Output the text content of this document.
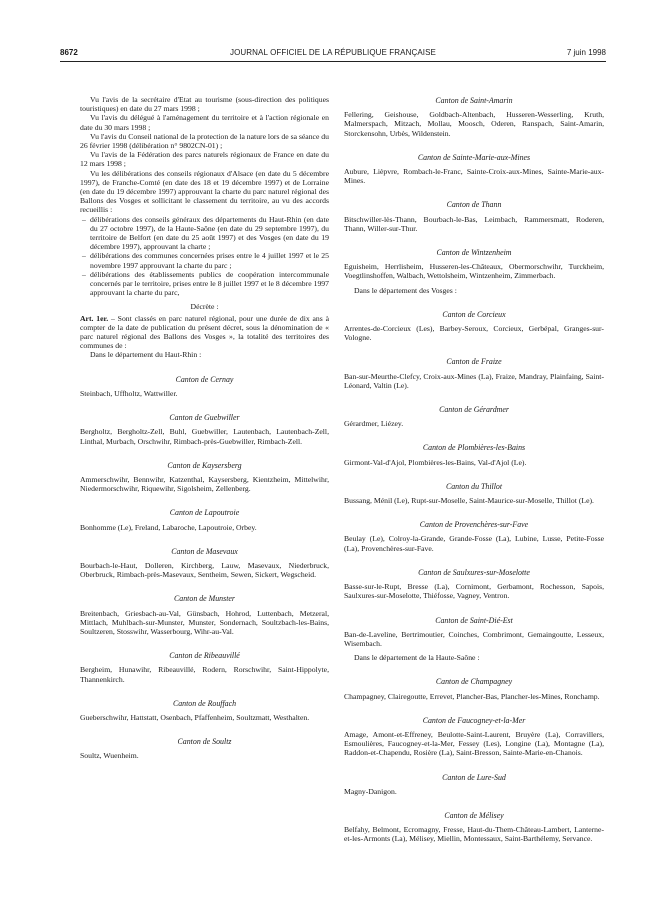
8672	JOURNAL OFFICIEL DE LA RÉPUBLIQUE FRANÇAISE	7 juin 1998

Vu l'avis de la secrétaire d'Etat au tourisme (sous-direction des politiques touristiques) en date du 27 mars 1998 ;

Vu l'avis du délégué à l'aménagement du territoire et à l'action régionale en date du 30 mars 1998 ;

Vu l'avis du Conseil national de la protection de la nature lors de sa séance du 26 février 1998 (délibération n° 9802CN-01) ;

Vu l'avis de la Fédération des parcs naturels régionaux de France en date du 12 mars 1998 ;

Vu les délibérations des conseils régionaux d'Alsace (en date du 5 décembre 1997), de Franche-Comté (en date des 18 et 19 décembre 1997) et de Lorraine (en date du 19 décembre 1997) approuvant la charte du parc naturel régional des Ballons des Vosges et sollicitant le classement du territoire, au vu des accords recueillis :

– délibérations des conseils généraux des départements du Haut-Rhin (en date du 27 octobre 1997), de la Haute-Saône (en date du 29 septembre 1997), du territoire de Belfort (en date du 25 août 1997) et des Vosges (en date du 19 décembre 1997), approuvant la charte ;
– délibérations des communes concernées prises entre le 4 juillet 1997 et le 25 novembre 1997 approuvant la charte du parc ;
– délibérations des établissements publics de coopération intercommunale concernés par le territoire, prises entre le 8 juillet 1997 et le 8 décembre 1997 approuvant la charte du parc,

Décrète :

Art. 1er. – Sont classés en parc naturel régional, pour une durée de dix ans à compter de la date de publication du présent décret, sous la dénomination de « parc naturel régional des Ballons des Vosges », la totalité des territoires des communes de :

Dans le département du Haut-Rhin :

Canton de Cernay

Steinbach, Uffholtz, Wattwiller.

Canton de Guebwiller

Bergholtz, Bergholtz-Zell, Buhl, Guebwiller, Lautenbach, Lautenbach-Zell, Linthal, Murbach, Orschwihr, Rimbach-près-Guebwiller, Rimbach-Zell.

Canton de Kaysersberg

Ammerschwihr, Bennwihr, Katzenthal, Kaysersberg, Kientzheim, Mittelwihr, Niedermorschwihr, Riquewihr, Sigolsheim, Zellenberg.

Canton de Lapoutroie

Bonhomme (Le), Freland, Labaroche, Lapoutroie, Orbey.

Canton de Masevaux

Bourbach-le-Haut, Dolleren, Kirchberg, Lauw, Masevaux, Niederbruck, Oberbruck, Rimbach-près-Masevaux, Sentheim, Sewen, Sickert, Wegscheid.

Canton de Munster

Breitenbach, Griesbach-au-Val, Günsbach, Hohrod, Luttenbach, Metzeral, Mittlach, Muhlbach-sur-Munster, Munster, Sondernach, Soultzbach-les-Bains, Soultzeren, Stosswihr, Wasserbourg, Wihr-au-Val.

Canton de Ribeauvillé

Bergheim, Hunawihr, Ribeauvillé, Rodern, Rorschwihr, Saint-Hippolyte, Thannenkirch.

Canton de Rouffach

Gueberschwihr, Hattstatt, Osenbach, Pfaffenheim, Soultzmatt, Westhalten.

Canton de Soultz

Soultz, Wuenheim.

Canton de Saint-Amarin

Fellering, Geishouse, Goldbach-Altenbach, Husseren-Wesserling, Kruth, Malmerspach, Mitzach, Mollau, Moosch, Oderen, Ranspach, Saint-Amarin, Storckensohn, Urbès, Wildenstein.

Canton de Sainte-Marie-aux-Mines

Aubure, Lièpvre, Rombach-le-Franc, Sainte-Croix-aux-Mines, Sainte-Marie-aux-Mines.

Canton de Thann

Bitschwiller-lès-Thann, Bourbach-le-Bas, Leimbach, Rammersmatt, Roderen, Thann, Willer-sur-Thur.

Canton de Wintzenheim

Eguisheim, Herrlisheim, Husseren-les-Châteaux, Obermorschwihr, Turckheim, Voegtlinshoffen, Walbach, Wettolsheim, Wintzenheim, Zimmerbach.

Dans le département des Vosges :

Canton de Corcieux

Arrentes-de-Corcieux (Les), Barbey-Seroux, Corcieux, Gerbépal, Granges-sur-Vologne.

Canton de Fraize

Ban-sur-Meurthe-Clefcy, Croix-aux-Mines (La), Fraize, Mandray, Plainfaing, Saint-Léonard, Valtin (Le).

Canton de Gérardmer

Gérardmer, Liézey.

Canton de Plombières-les-Bains

Girmont-Val-d'Ajol, Plombières-les-Bains, Val-d'Ajol (Le).

Canton du Thillot

Bussang, Ménil (Le), Rupt-sur-Moselle, Saint-Maurice-sur-Moselle, Thillot (Le).

Canton de Provenchères-sur-Fave

Beulay (Le), Colroy-la-Grande, Grande-Fosse (La), Lubine, Lusse, Petite-Fosse (La), Provenchères-sur-Fave.

Canton de Saulxures-sur-Moselotte

Basse-sur-le-Rupt, Bresse (La), Cornimont, Gerbamont, Rochesson, Sapois, Saulxures-sur-Moselotte, Thiéfosse, Vagney, Ventron.

Canton de Saint-Dié-Est

Ban-de-Laveline, Bertrimoutier, Coinches, Combrimont, Gemaingoutte, Lesseux, Wisembach.

Dans le département de la Haute-Saône :

Canton de Champagney

Champagney, Clairegoutte, Errevet, Plancher-Bas, Plancher-les-Mines, Ronchamp.

Canton de Faucogney-et-la-Mer

Amage, Amont-et-Effreney, Beulotte-Saint-Laurent, Bruyère (La), Corravillers, Esmoulières, Faucogney-et-la-Mer, Fessey (Les), Longine (La), Montagne (La), Raddon-et-Chapendu, Rosière (La), Saint-Bresson, Sainte-Marie-en-Chanois.

Canton de Lure-Sud

Magny-Danigon.

Canton de Mélisey

Belfahy, Belmont, Ecromagny, Fresse, Haut-du-Them-Château-Lambert, Lanterne-et-les-Armonts (La), Mélisey, Miellin, Montessaux, Saint-Barthélemy, Servance.
